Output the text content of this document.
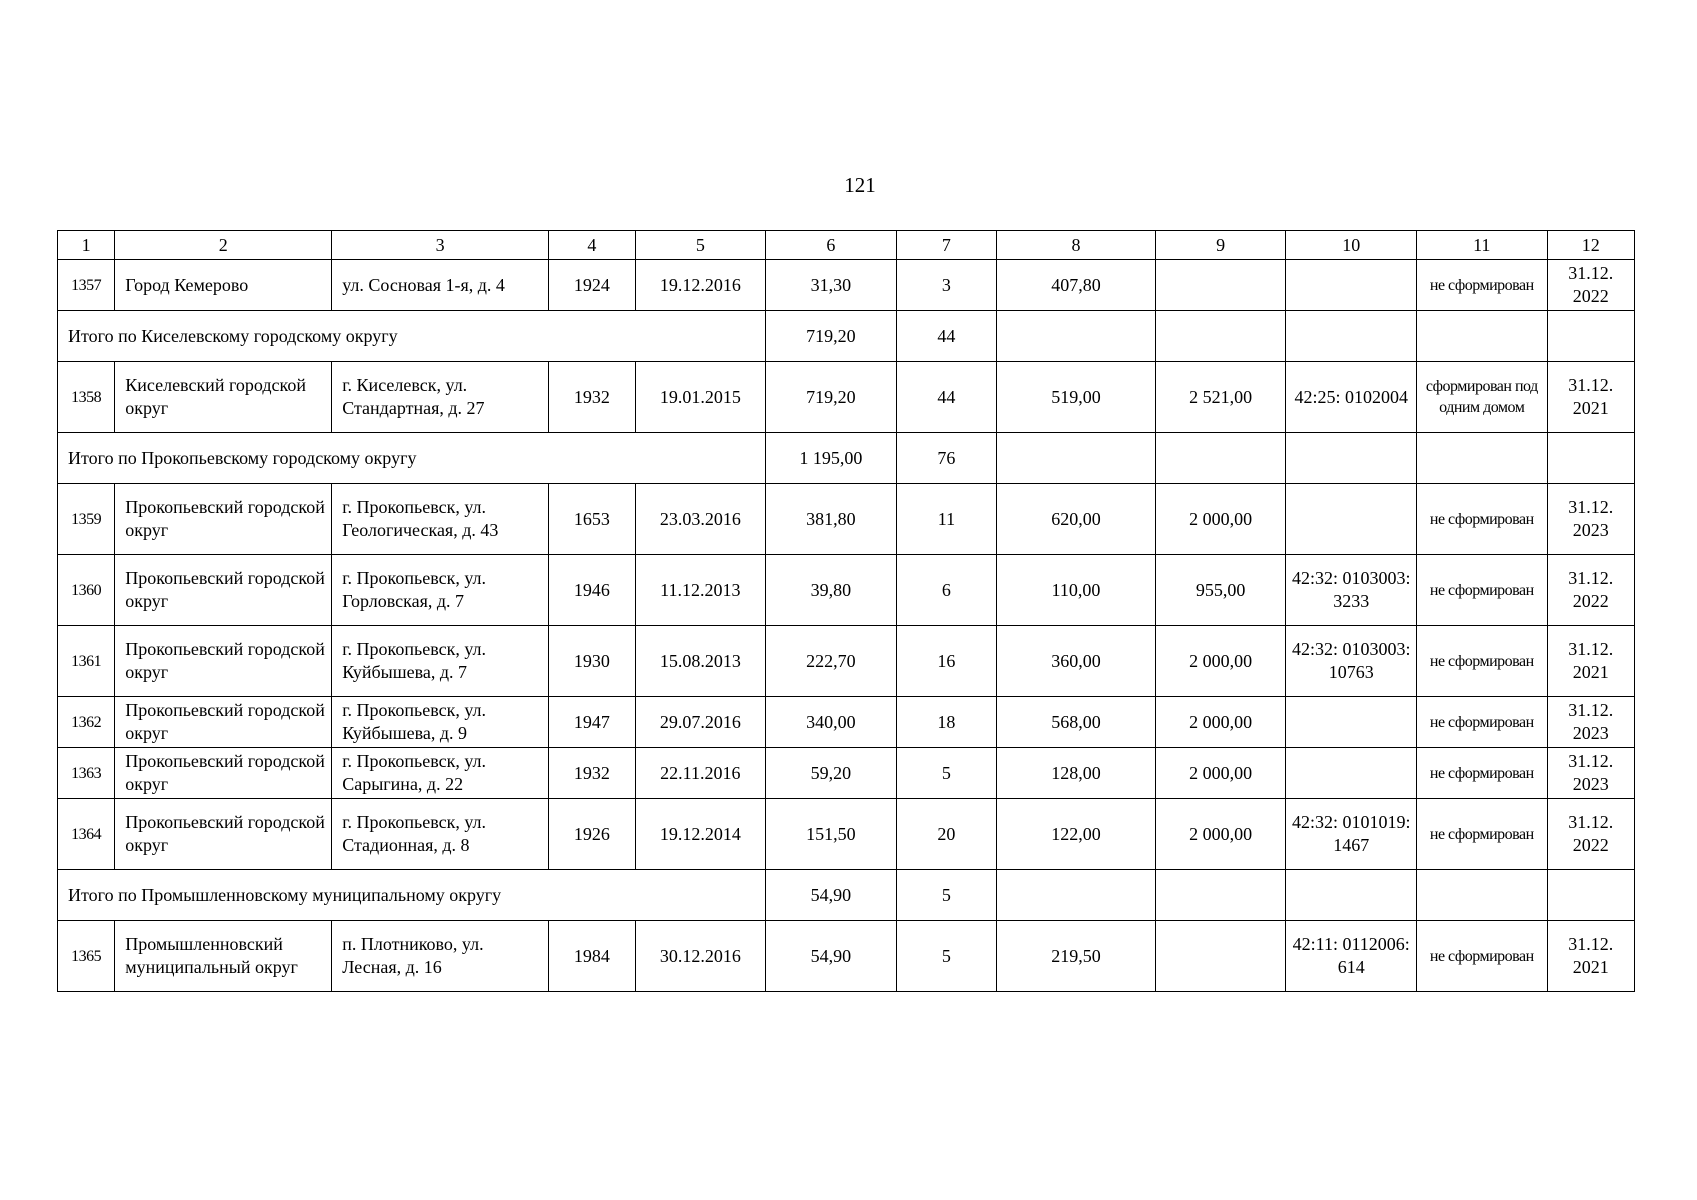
121
1	2	3	4	5	6	7	8	9	10	11	12
1357	Город Кемерово	ул. Сосновая 1-я, д. 4	1924	19.12.2016	31,30	3	407,80			не сформирован	31.12. 2022
Итого по Киселевскому городскому округу					719,20	44					
1358	Киселевский городской округ	г. Киселевск, ул. Стандартная, д. 27	1932	19.01.2015	719,20	44	519,00	2 521,00	42:25: 0102004	сформирован под одним домом	31.12. 2021
Итого по Прокопьевскому городскому округу					1 195,00	76					
1359	Прокопьевский городской округ	г. Прокопьевск, ул. Геологическая, д. 43	1653	23.03.2016	381,80	11	620,00	2 000,00		не сформирован	31.12. 2023
1360	Прокопьевский городской округ	г. Прокопьевск, ул. Горловская, д. 7	1946	11.12.2013	39,80	6	110,00	955,00	42:32: 0103003: 3233	не сформирован	31.12. 2022
1361	Прокопьевский городской округ	г. Прокопьевск, ул. Куйбышева, д. 7	1930	15.08.2013	222,70	16	360,00	2 000,00	42:32: 0103003: 10763	не сформирован	31.12. 2021
1362	Прокопьевский городской округ	г. Прокопьевск, ул. Куйбышева, д. 9	1947	29.07.2016	340,00	18	568,00	2 000,00		не сформирован	31.12. 2023
1363	Прокопьевский городской округ	г. Прокопьевск, ул. Сарыгина, д. 22	1932	22.11.2016	59,20	5	128,00	2 000,00		не сформирован	31.12. 2023
1364	Прокопьевский городской округ	г. Прокопьевск, ул. Стадионная, д. 8	1926	19.12.2014	151,50	20	122,00	2 000,00	42:32: 0101019: 1467	не сформирован	31.12. 2022
Итого по Промышленновскому муниципальному округу					54,90	5					
1365	Промышленновский муниципальный округ	п. Плотниково, ул. Лесная, д. 16	1984	30.12.2016	54,90	5	219,50		42:11: 0112006: 614	не сформирован	31.12. 2021
